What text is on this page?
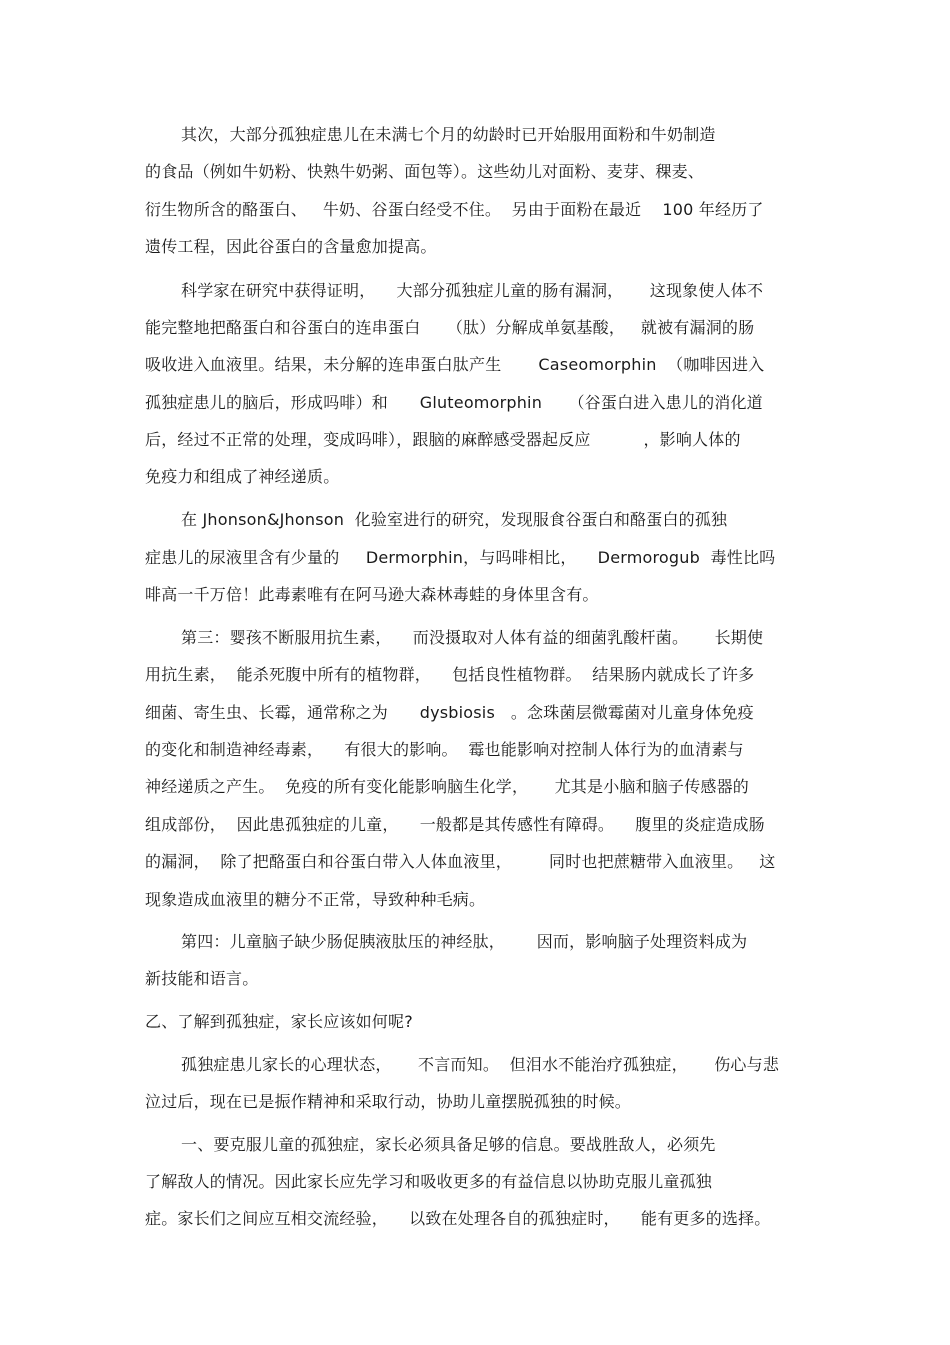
其次，大部分孤独症患儿在未满七个月的幼龄时已开始服用面粉和牛奶制造
的食品（例如牛奶粉、快熟牛奶粥、面包等）。这些幼儿对面粉、麦芽、稞麦、
衍生物所含的酪蛋白、   牛奶、谷蛋白经受不住。  另由于面粉在最近    100 年经历了
遗传工程，因此谷蛋白的含量愈加提高。
科学家在研究中获得证明，    大部分孤独症儿童的肠有漏洞，     这现象使人体不
能完整地把酪蛋白和谷蛋白的连串蛋白     （肽）分解成单氨基酸，   就被有漏洞的肠
吸收进入血液里。结果，未分解的连串蛋白肽产生       Caseomorphin  （咖啡因进入
孤独症患儿的脑后，形成吗啡）和      Gluteomorphin     （谷蛋白进入患儿的消化道
后，经过不正常的处理，变成吗啡），跟脑的麻醉感受器起反应          ，影响人体的
免疫力和组成了神经递质。
在 Jhonson&Jhonson  化验室进行的研究，发现服食谷蛋白和酪蛋白的孤独
症患儿的尿液里含有少量的     Dermorphin，与吗啡相比，    Dermorogub  毒性比吗
啡高一千万倍！此毒素唯有在阿马逊大森林毒蛙的身体里含有。
第三：婴孩不断服用抗生素，    而没摄取对人体有益的细菌乳酸杆菌。     长期使
用抗生素，  能杀死腹中所有的植物群，    包括良性植物群。  结果肠内就成长了许多
细菌、寄生虫、长霉，通常称之为      dysbiosis   。念珠菌层微霉菌对儿童身体免疫
的变化和制造神经毒素，    有很大的影响。  霉也能影响对控制人体行为的血清素与
神经递质之产生。  免疫的所有变化能影响脑生化学，     尤其是小脑和脑子传感器的
组成部份，  因此患孤独症的儿童，    一般都是其传感性有障碍。    腹里的炎症造成肠
的漏洞，  除了把酪蛋白和谷蛋白带入人体血液里，       同时也把蔗糖带入血液里。   这
现象造成血液里的糖分不正常，导致种种毛病。
第四：儿童脑子缺少肠促胰液肽压的神经肽，      因而，影响脑子处理资料成为
新技能和语言。
乙、了解到孤独症，家长应该如何呢?
孤独症患儿家长的心理状态，     不言而知。  但泪水不能治疗孤独症，     伤心与悲
泣过后，现在已是振作精神和采取行动，协助儿童摆脱孤独的时候。
一、要克服儿童的孤独症，家长必须具备足够的信息。要战胜敌人，必须先
了解敌人的情况。因此家长应先学习和吸收更多的有益信息以协助克服儿童孤独
症。家长们之间应互相交流经验，    以致在处理各自的孤独症时，    能有更多的选择。
